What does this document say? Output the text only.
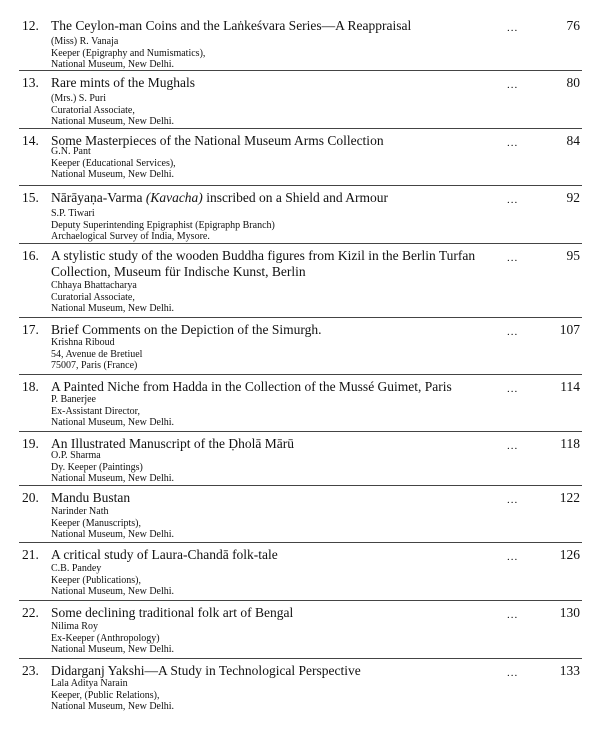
12. The Ceylon-man Coins and the Laṅkeśvara Series—A Reappraisal	...	76
(Miss) R. Vanaja
Keeper (Epigraphy and Numismatics),
National Museum, New Delhi.
13. Rare mints of the Mughals	...	80
(Mrs.) S. Puri
Curatorial Associate,
National Museum, New Delhi.
14. Some Masterpieces of the National Museum Arms Collection	...	84
G.N. Pant
Keeper (Educational Services),
National Museum, New Delhi.
15. Nārāyaṇa-Varma (Kavacha) inscribed on a Shield and Armour	...	92
S.P. Tiwari
Deputy Superintending Epigraphist (Epigraphp Branch)
Archaelogical Survey of India, Mysore.
16. A stylistic study of the wooden Buddha figures from Kizil in the Berlin Turfan Collection, Museum für Indische Kunst, Berlin
...	95
Chhaya Bhattacharya
Curatorial Associate,
National Museum, New Delhi.
17. Brief Comments on the Depiction of the Simurgh.	...	107
Krishna Riboud
54, Avenue de Bretiuel
75007, Paris (France)
18. A Painted Niche from Hadda in the Collection of the Mussé Guimet, Paris	...	114
P. Banerjee
Ex-Assistant Director,
National Museum, New Delhi.
19. An Illustrated Manuscript of the Ḍholā Mārū	...	118
O.P. Sharma
Dy. Keeper (Paintings)
National Museum, New Delhi.
20. Mandu Bustan	...	122
Narinder Nath
Keeper (Manuscripts),
National Museum, New Delhi.
21. A critical study of Laura-Chandā folk-tale	...	126
C.B. Pandey
Keeper (Publications),
National Museum, New Delhi.
22. Some declining traditional folk art of Bengal	...	130
Nilima Roy
Ex-Keeper (Anthropology)
National Museum, New Delhi.
23. Didarganj Yakshi—A Study in Technological Perspective	...	133
Lala Aditya Narain
Keeper, (Public Relations),
National Museum, New Delhi.
